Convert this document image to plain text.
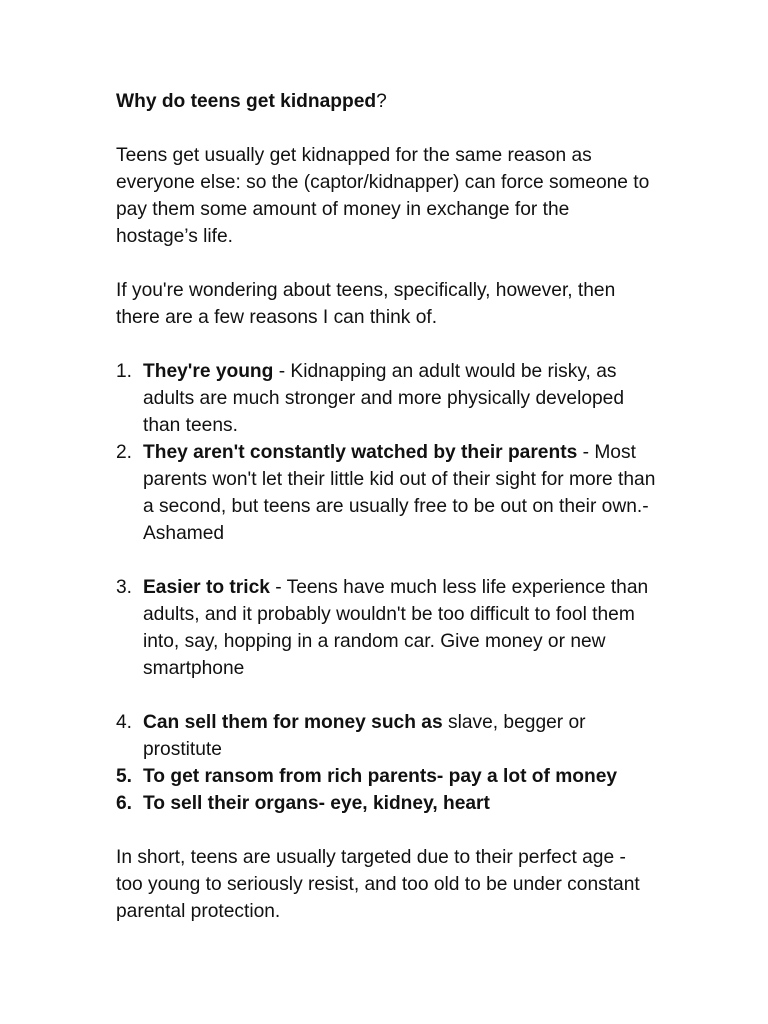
Why do teens get kidnapped?

Teens get usually get kidnapped for the same reason as everyone else: so the (captor/kidnapper) can force someone to pay them some amount of money in exchange for the hostage’s life.

If you're wondering about teens, specifically, however, then there are a few reasons I can think of.

1. They're young - Kidnapping an adult would be risky, as adults are much stronger and more physically developed than teens.
2. They aren't constantly watched by their parents - Most parents won't let their little kid out of their sight for more than a second, but teens are usually free to be out on their own.-Ashamed
3. Easier to trick - Teens have much less life experience than adults, and it probably wouldn't be too difficult to fool them into, say, hopping in a random car. Give money or new smartphone
4. Can sell them for money such as slave, begger or prostitute
5. To get ransom from rich parents- pay a lot of money
6. To sell their organs- eye, kidney, heart

In short, teens are usually targeted due to their perfect age - too young to seriously resist, and too old to be under constant parental protection.
